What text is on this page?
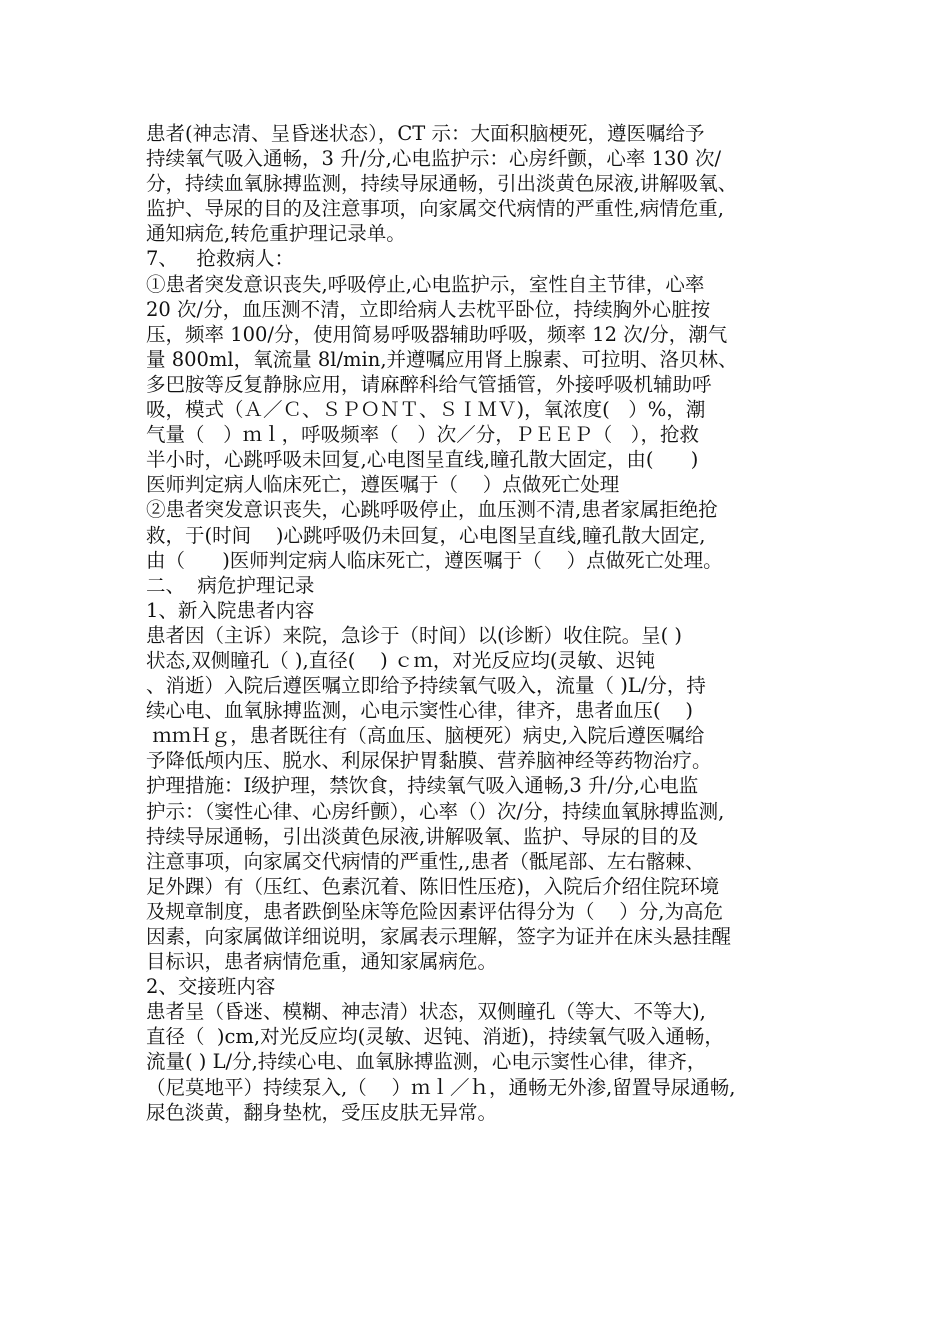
患者(神志清、呈昏迷状态），CT 示：大面积脑梗死，遵医嘱给予
持续氧气吸入通畅，3 升/分,心电监护示：心房纤颤，心率 130 次/
分，持续血氧脉搏监测，持续导尿通畅，引出淡黄色尿液,讲解吸氧、
监护、导尿的目的及注意事项，向家属交代病情的严重性,病情危重,
通知病危,转危重护理记录单。
7、   抢救病人：
①患者突发意识丧失,呼吸停止,心电监护示，室性自主节律，心率
20 次/分，血压测不清，立即给病人去枕平卧位，持续胸外心脏按
压，频率 100/分，使用简易呼吸器辅助呼吸，频率 12 次/分，潮气
量 800ml，氧流量 8l/min,并遵嘱应用肾上腺素、可拉明、洛贝林、
多巴胺等反复静脉应用，请麻醉科给气管插管，外接呼吸机辅助呼
吸，模式（Ａ／Ｃ、ＳＰＯＮＴ、ＳＩＭＶ)，氧浓度(   ）%，潮
气量（   ）ｍｌ，呼吸频率（   ）次／分，ＰＥＥＰ（   ），抢救
半小时，心跳呼吸未回复,心电图呈直线,瞳孔散大固定，由(      )
医师判定病人临床死亡，遵医嘱于（    ）点做死亡处理
②患者突发意识丧失，心跳呼吸停止，血压测不清,患者家属拒绝抢
救，于(时间    )心跳呼吸仍未回复，心电图呈直线,瞳孔散大固定,
由（      )医师判定病人临床死亡，遵医嘱于（    ）点做死亡处理。
二、  病危护理记录
1、新入院患者内容
患者因（主诉）来院，急诊于（时间）以(诊断）收住院。呈( )
状态,双侧瞳孔（ ),直径(    ) ｃｍ，对光反应均(灵敏、迟钝
、消逝）入院后遵医嘱立即给予持续氧气吸入，流量（ )L/分，持
续心电、血氧脉搏监测，心电示窦性心律，律齐，患者血压(    )
ｍｍＨｇ，患者既往有（高血压、脑梗死）病史,入院后遵医嘱给
予降低颅内压、脱水、利尿保护胃黏膜、营养脑神经等药物治疗。
护理措施：I级护理，禁饮食，持续氧气吸入通畅,3 升/分,心电监
护示：（窦性心律、心房纤颤），心率（）次/分，持续血氧脉搏监测,
持续导尿通畅，引出淡黄色尿液,讲解吸氧、监护、导尿的目的及
注意事项，向家属交代病情的严重性,,患者（骶尾部、左右髂棘、
足外踝）有（压红、色素沉着、陈旧性压疮)，入院后介绍住院环境
及规章制度，患者跌倒坠床等危险因素评估得分为（    ）分,为高危
因素，向家属做详细说明，家属表示理解，签字为证并在床头悬挂醒
目标识，患者病情危重，通知家属病危。
2、交接班内容
患者呈（昏迷、模糊、神志清）状态，双侧瞳孔（等大、不等大),
直径（  )cm,对光反应均(灵敏、迟钝、消逝)，持续氧气吸入通畅，
流量( ) L/分,持续心电、血氧脉搏监测，心电示窦性心律，律齐，
（尼莫地平）持续泵入,（    ）ｍｌ／ｈ，通畅无外渗,留置导尿通畅,
尿色淡黄，翻身垫枕，受压皮肤无异常。
